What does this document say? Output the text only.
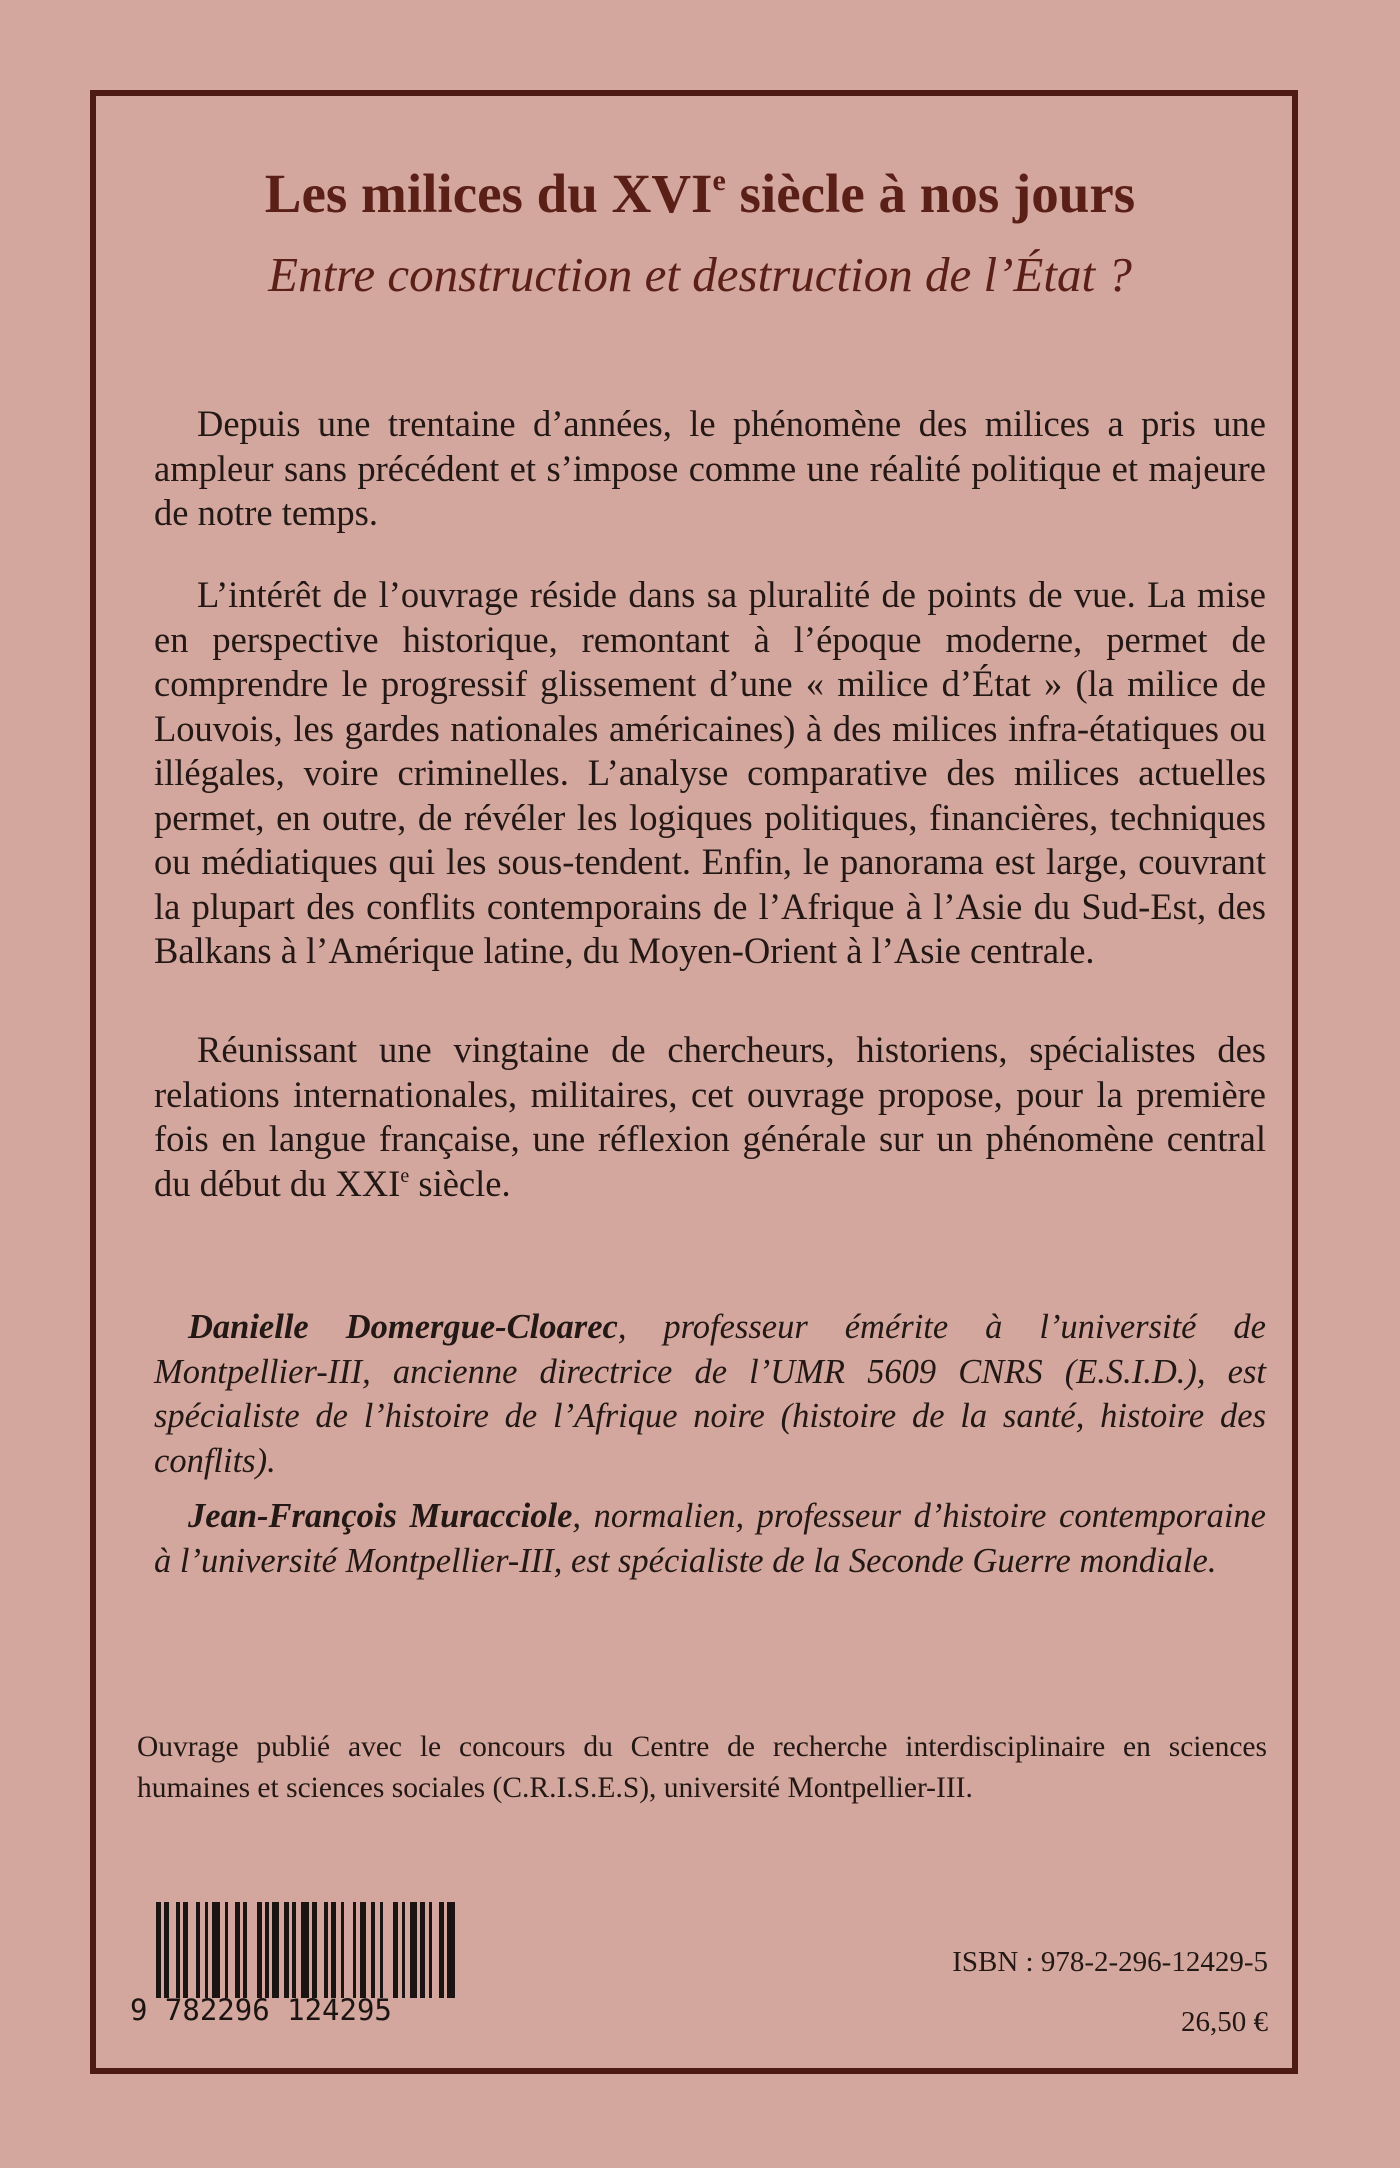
Les milices du XVIe siècle à nos jours
Entre construction et destruction de l’État ?

Depuis une trentaine d’années, le phénomène des milices a pris une ampleur sans précédent et s’impose comme une réalité politique et majeure de notre temps.

L’intérêt de l’ouvrage réside dans sa pluralité de points de vue. La mise en perspective historique, remontant à l’époque moderne, permet de comprendre le progressif glissement d’une « milice d’État » (la milice de Louvois, les gardes nationales américaines) à des milices infra-étatiques ou illégales, voire criminelles. L’analyse comparative des milices actuelles permet, en outre, de révéler les logiques politiques, financières, techniques ou médiatiques qui les sous-tendent. Enfin, le panorama est large, couvrant la plupart des conflits contemporains de l’Afrique à l’Asie du Sud-Est, des Balkans à l’Amérique latine, du Moyen-Orient à l’Asie centrale.

Réunissant une vingtaine de chercheurs, historiens, spécialistes des relations internationales, militaires, cet ouvrage propose, pour la première fois en langue française, une réflexion générale sur un phénomène central du début du XXIe siècle.

Danielle Domergue-Cloarec, professeur émérite à l’université de Montpellier-III, ancienne directrice de l’UMR 5609 CNRS (E.S.I.D.), est spécialiste de l’histoire de l’Afrique noire (histoire de la santé, histoire des conflits).

Jean-François Muracciole, normalien, professeur d’histoire contemporaine à l’université Montpellier-III, est spécialiste de la Seconde Guerre mondiale.

Ouvrage publié avec le concours du Centre de recherche interdisciplinaire en sciences humaines et sciences sociales (C.R.I.S.E.S), université Montpellier-III.

9 782296 124295
ISBN : 978-2-296-12429-5
26,50 €
